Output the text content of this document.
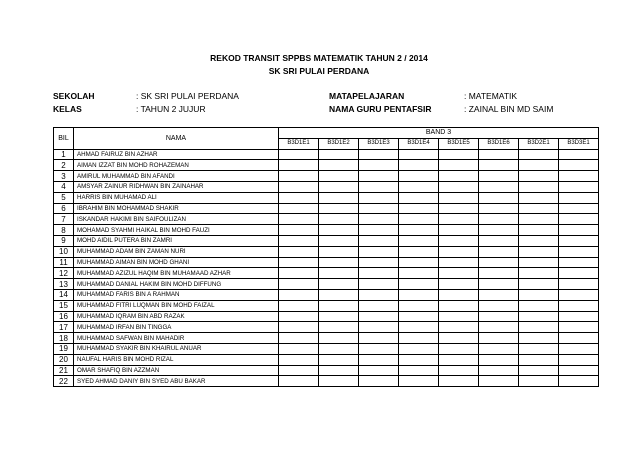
REKOD TRANSIT SPPBS MATEMATIK TAHUN 2 / 2014
SK SRI PULAI PERDANA
SEKOLAH	: SK SRI PULAI PERDANA	MATAPELAJARAN	: MATEMATIK
KELAS	: TAHUN 2 JUJUR	NAMA GURU PENTAFSIR	: ZAINAL BIN MD SAIM
BIL	NAMA	BAND 3							
		B3D1E1	B3D1E2	B3D1E3	B3D1E4	B3D1E5	B3D1E6	B3D2E1	B3D3E1
1	AHMAD FAIRUZ BIN AZHAR								
2	AIMAN IZZAT BIN MOHD ROHAZEMAN								
3	AMIRUL MUHAMMAD BIN AFANDI								
4	AMSYAR ZAINUR RIDHWAN BIN ZAINAHAR								
5	HARRIS BIN MUHAMAD ALI								
6	IBRAHIM BIN MOHAMMAD SHAKIR								
7	ISKANDAR HAKIMI BIN SAIFOULIZAN								
8	MOHAMAD SYAHMI HAIKAL BIN MOHD FAUZI								
9	MOHD AIDIL PUTERA BIN ZAMRI								
10	MUHAMMAD ADAM BIN ZAMAN NURI								
11	MUHAMMAD AIMAN BIN MOHD GHANI								
12	MUHAMMAD AZIZUL HAQIM BIN MUHAMAAD AZHAR								
13	MUHAMMAD DANIAL HAKIM BIN MOHD DIFFUNG								
14	MUHAMMAD FARIS BIN A RAHMAN								
15	MUHAMMAD FITRI LUQMAN BIN MOHD FAIZAL								
16	MUHAMMAD IQRAM BIN ABD RAZAK								
17	MUHAMMAD IRFAN BIN TINGGA								
18	MUHAMMAD SAFWAN BIN MAHADIR								
19	MUHAMMAD SYAKIR BIN KHAIRUL ANUAR								
20	NAUFAL HARIS BIN MOHD RIZAL								
21	OMAR SHAFIQ BIN AZZMAN								
22	SYED AHMAD DANIY BIN SYED ABU BAKAR								
